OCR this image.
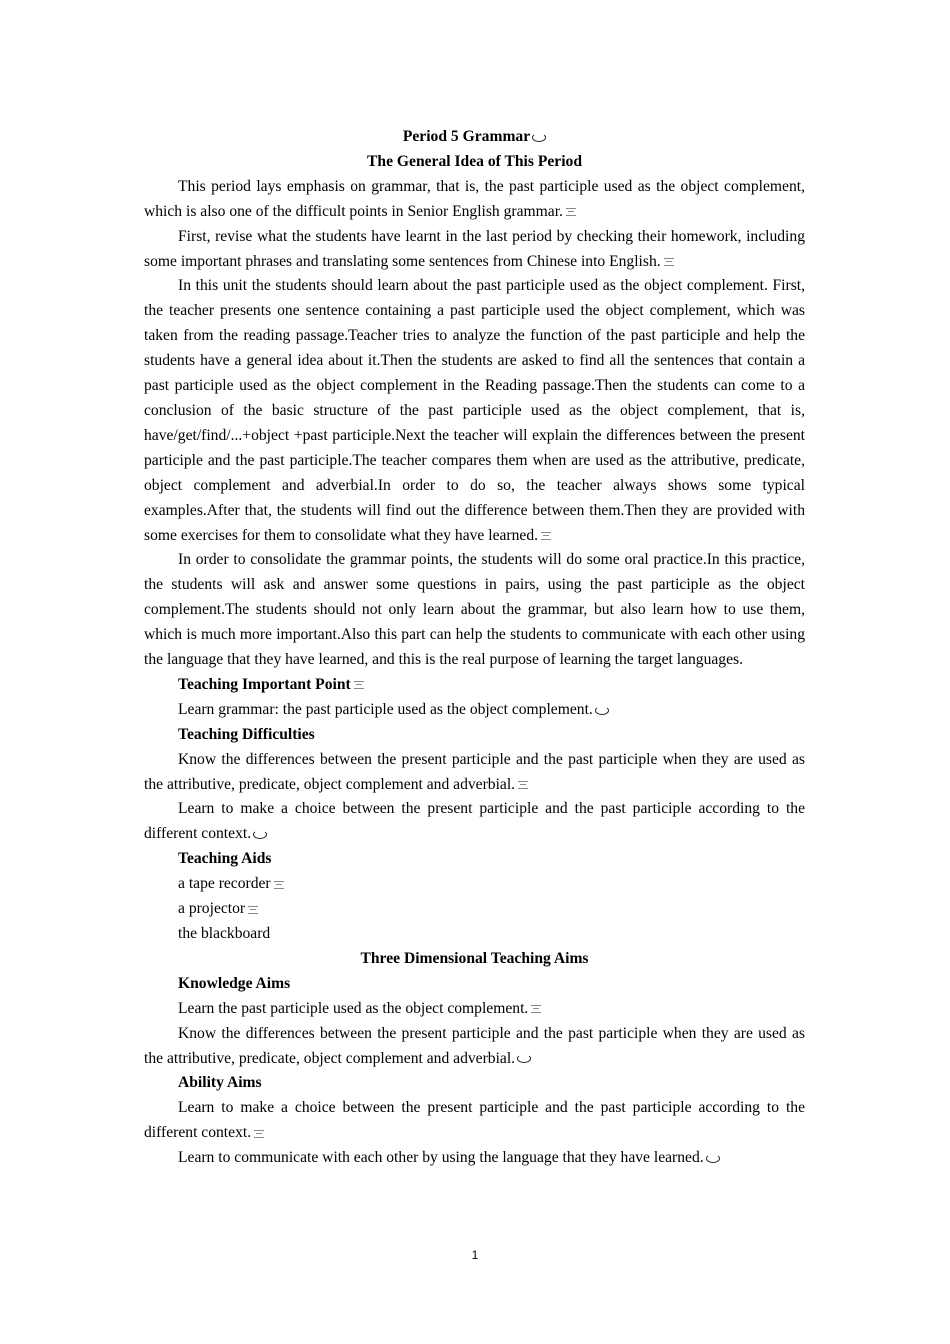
Period 5 Grammar

The General Idea of This Period

This period lays emphasis on grammar, that is, the past participle used as the object complement, which is also one of the difficult points in Senior English grammar.

First, revise what the students have learnt in the last period by checking their homework, including some important phrases and translating some sentences from Chinese into English.

In this unit the students should learn about the past participle used as the object complement. First, the teacher presents one sentence containing a past participle used the object complement, which was taken from the reading passage.Teacher tries to analyze the function of the past participle and help the students have a general idea about it.Then the students are asked to find all the sentences that contain a past participle used as the object complement in the Reading passage.Then the students can come to a conclusion of the basic structure of the past participle used as the object complement, that is, have/get/find/...+object +past participle.Next the teacher will explain the differences between the present participle and the past participle.The teacher compares them when are used as the attributive, predicate, object complement and adverbial.In order to do so, the teacher always shows some typical examples.After that, the students will find out the difference between them.Then they are provided with some exercises for them to consolidate what they have learned.

In order to consolidate the grammar points, the students will do some oral practice.In this practice, the students will ask and answer some questions in pairs, using the past participle as the object complement.The students should not only learn about the grammar, but also learn how to use them, which is much more important.Also this part can help the students to communicate with each other using the language that they have learned, and this is the real purpose of learning the target languages.

Teaching Important Point

Learn grammar: the past participle used as the object complement.

Teaching Difficulties

Know the differences between the present participle and the past participle when they are used as the attributive, predicate, object complement and adverbial.

Learn to make a choice between the present participle and the past participle according to the different context.

Teaching Aids

a tape recorder

a projector

the blackboard

Three Dimensional Teaching Aims

Knowledge Aims

Learn the past participle used as the object complement.

Know the differences between the present participle and the past participle when they are used as the attributive, predicate, object complement and adverbial.

Ability Aims

Learn to make a choice between the present participle and the past participle according to the different context.

Learn to communicate with each other by using the language that they have learned.

1
